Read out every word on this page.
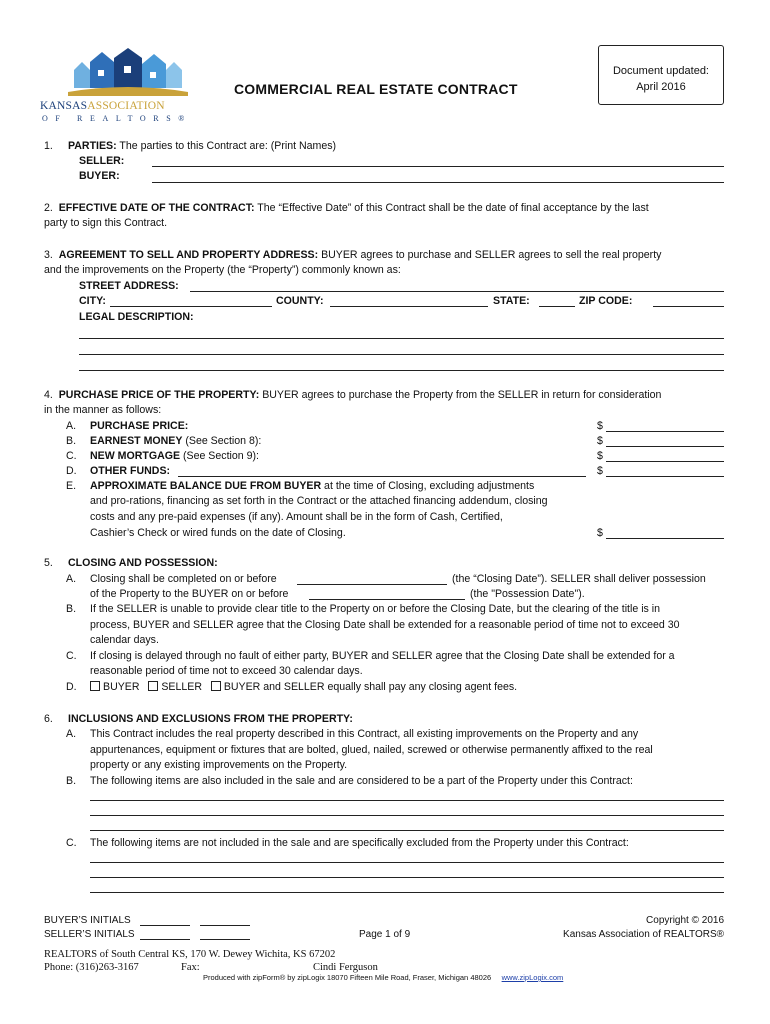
KANSASASSOCIATION
OF REALTORS®
COMMERCIAL REAL ESTATE CONTRACT
Document updated:
April 2016
1. PARTIES: The parties to this Contract are: (Print Names)
SELLER:
BUYER:
2. EFFECTIVE DATE OF THE CONTRACT: The “Effective Date” of this Contract shall be the date of final acceptance by the last
party to sign this Contract.
3. AGREEMENT TO SELL AND PROPERTY ADDRESS: BUYER agrees to purchase and SELLER agrees to sell the real property
and the improvements on the Property (the “Property”) commonly known as:
STREET ADDRESS:
CITY:	COUNTY:	STATE:	ZIP CODE:
LEGAL DESCRIPTION:
4. PURCHASE PRICE OF THE PROPERTY: BUYER agrees to purchase the Property from the SELLER in return for consideration
in the manner as follows:
A. PURCHASE PRICE:	$
B. EARNEST MONEY (See Section 8):	$
C. NEW MORTGAGE (See Section 9):	$
D. OTHER FUNDS:	$
E. APPROXIMATE BALANCE DUE FROM BUYER at the time of Closing, excluding adjustments
and pro-rations, financing as set forth in the Contract or the attached financing addendum, closing
costs and any pre-paid expenses (if any). Amount shall be in the form of Cash, Certified,
Cashier’s Check or wired funds on the date of Closing.	$
5. CLOSING AND POSSESSION:
A. Closing shall be completed on or before	(the “Closing Date”). SELLER shall deliver possession
of the Property to the BUYER on or before	(the "Possession Date").
B. If the SELLER is unable to provide clear title to the Property on or before the Closing Date, but the clearing of the title is in
process, BUYER and SELLER agree that the Closing Date shall be extended for a reasonable period of time not to exceed 30
calendar days.
C. If closing is delayed through no fault of either party, BUYER and SELLER agree that the Closing Date shall be extended for a
reasonable period of time not to exceed 30 calendar days.
D.	BUYER SELLER BUYER and SELLER equally shall pay any closing agent fees.
6. INCLUSIONS AND EXCLUSIONS FROM THE PROPERTY:
A. This Contract includes the real property described in this Contract, all existing improvements on the Property and any
appurtenances, equipment or fixtures that are bolted, glued, nailed, screwed or otherwise permanently affixed to the real
property or any existing improvements on the Property.
B. The following items are also included in the sale and are considered to be a part of the Property under this Contract:
C. The following items are not included in the sale and are specifically excluded from the Property under this Contract:
BUYER’S INITIALS
SELLER’S INITIALS	Page 1 of 9
Copyright © 2016
Kansas Association of REALTORS®
REALTORS of South Central KS, 170 W. Dewey Wichita, KS 67202
Phone: (316)263-3167	Fax:	Cindi Ferguson
Produced with zipForm® by zipLogix 18070 Fifteen Mile Road, Fraser, Michigan 48026 www.zipLogix.com
